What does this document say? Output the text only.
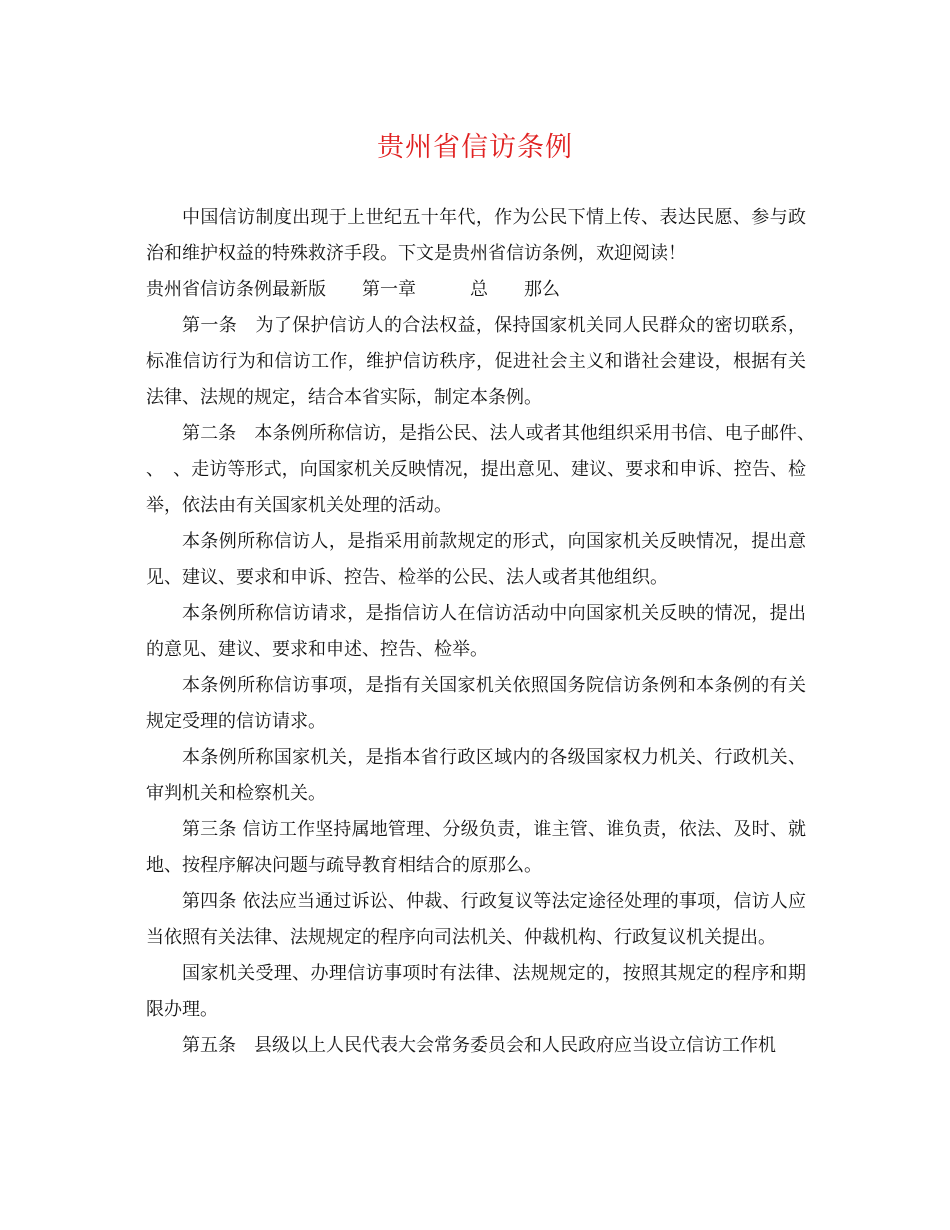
贵州省信访条例

中国信访制度出现于上世纪五十年代，作为公民下情上传、表达民愿、参与政治和维护权益的特殊救济手段。下文是贵州省信访条例，欢迎阅读！

贵州省信访条例最新版　　第一章　　　总　　那么

第一条　为了保护信访人的合法权益，保持国家机关同人民群众的密切联系，标准信访行为和信访工作，维护信访秩序，促进社会主义和谐社会建设，根据有关法律、法规的规定，结合本省实际，制定本条例。

第二条　本条例所称信访，是指公民、法人或者其他组织采用书信、电子邮件、　、　、走访等形式，向国家机关反映情况，提出意见、建议、要求和申诉、控告、检举，依法由有关国家机关处理的活动。

本条例所称信访人，是指采用前款规定的形式，向国家机关反映情况，提出意见、建议、要求和申诉、控告、检举的公民、法人或者其他组织。

本条例所称信访请求，是指信访人在信访活动中向国家机关反映的情况，提出的意见、建议、要求和申述、控告、检举。

本条例所称信访事项，是指有关国家机关依照国务院信访条例和本条例的有关规定受理的信访请求。

本条例所称国家机关，是指本省行政区域内的各级国家权力机关、行政机关、审判机关和检察机关。

第三条 信访工作坚持属地管理、分级负责，谁主管、谁负责，依法、及时、就地、按程序解决问题与疏导教育相结合的原那么。

第四条 依法应当通过诉讼、仲裁、行政复议等法定途径处理的事项，信访人应当依照有关法律、法规规定的程序向司法机关、仲裁机构、行政复议机关提出。

国家机关受理、办理信访事项时有法律、法规规定的，按照其规定的程序和期限办理。

第五条　县级以上人民代表大会常务委员会和人民政府应当设立信访工作机
